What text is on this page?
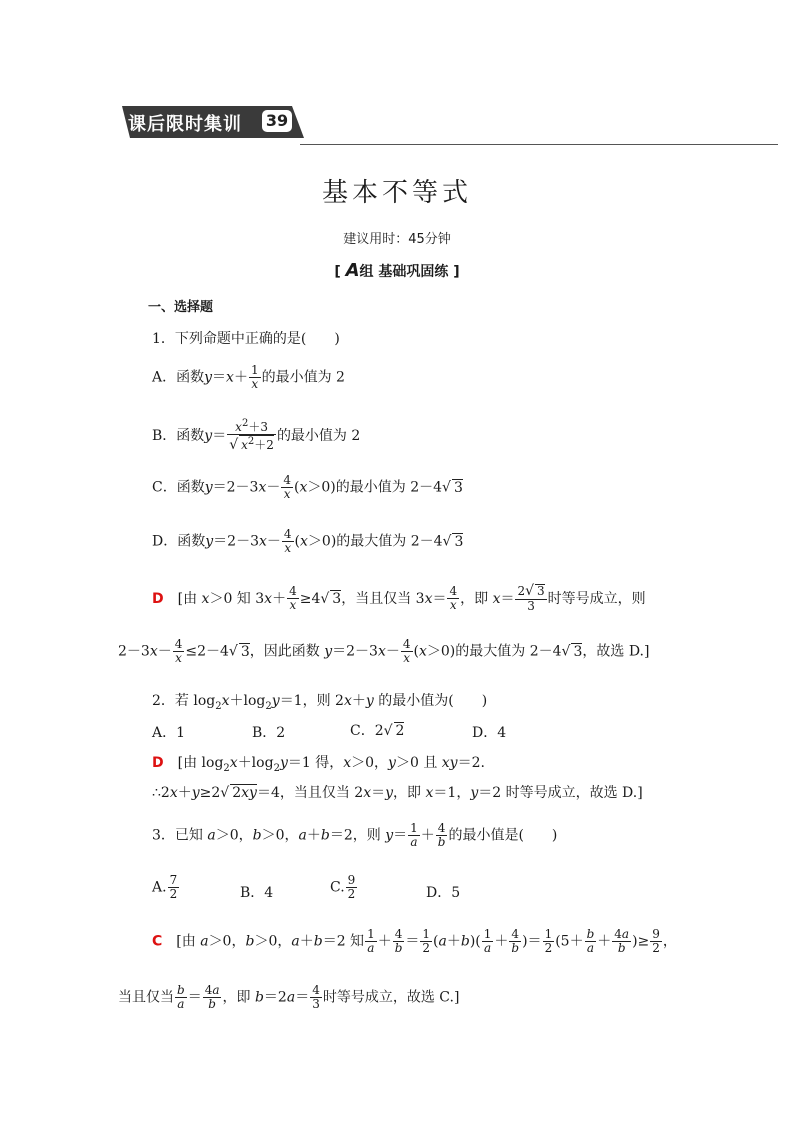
课后限时集训 39
基本不等式
建议用时：45分钟
[ A组 基础巩固练 ]
一、选择题
1．下列命题中正确的是(　　)
A．函数$y=x+ \frac{1}{x}$ 的最小值为 2
B．函数$y= \frac{x^2+3}{√ x^2+2}$ 的最小值为 2
C．函数$y=2-3x- \frac{4}{x} (x>0)$的最小值为 2－4√ 3
D．函数$y=2-3x- \frac{4}{x} (x>0)$的最大值为 2－4√ 3
D　[由 x＞0 知 $3x+ \frac{4}{x} \ge 4√$ 3，当且仅当 $3x= \frac{4}{x}$ ，即 $x= \frac{2√ 3}{3}$ 时等号成立，则
$2-3x- \frac{4}{x} \le 2-4√$ 3，因此函数 $y=2-3x- \frac{4}{x} (x>0)$的最大值为 2－4√ 3，故选 D.]
2．若 $\log_2x+\log_2y=1$，则 2x＋y 的最小值为(　　)
A．1	B．2	C．2√ 2	D．4
D　[由 $\log_2x+\log_2y=1$ 得，x＞0，y＞0 且 xy＝2.
∴2x＋y≥2√ 2xy＝4，当且仅当 2x＝y，即 x＝1，y＝2 时等号成立，故选 D.]
3．已知 a＞0，b＞0，a＋b＝2，则 $y= \frac{1}{a} + \frac{4}{b}$ 的最小值是(　　)
A. $\frac{7}{2}$	B．4	C. $\frac{9}{2}$	D．5
C　[由 a＞0，b＞0，a＋b＝2 知 $\frac{1}{a} + \frac{4}{b} = \frac{1}{2} (a+b)( \frac{1}{a} + \frac{4}{b}$ )＝ $\frac{1}{2} (5+ \frac{b}{a} + \frac{4a}{b}$ )≥ $\frac{9}{2}$ ，
当且仅当 $\frac{b}{a} = \frac{4a}{b}$ ，即 $b=2a= \frac{4}{3}$ 时等号成立，故选 C.]
